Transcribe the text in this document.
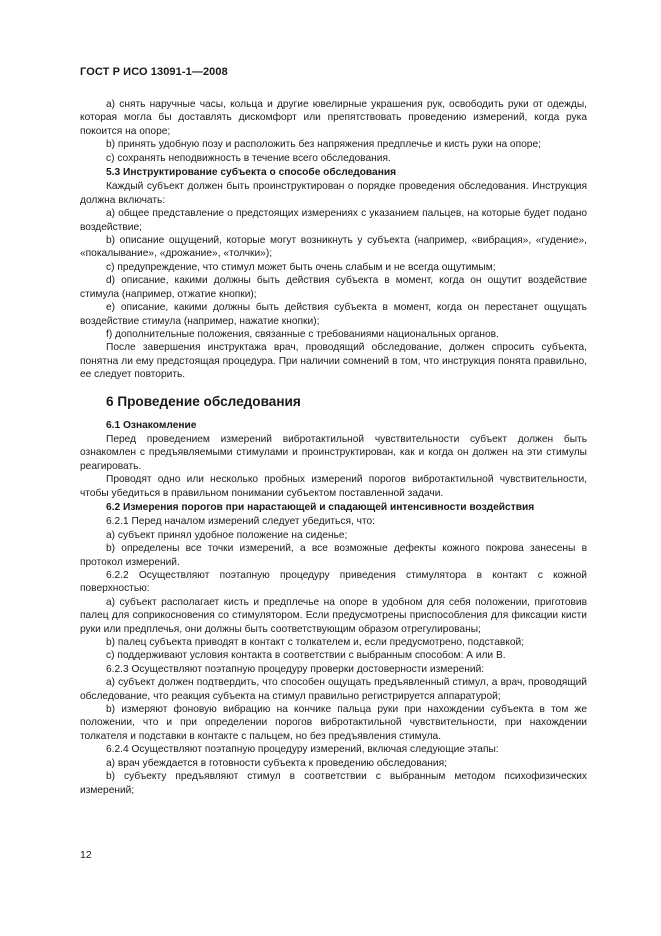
ГОСТ Р ИСО 13091-1—2008

а) снять наручные часы, кольца и другие ювелирные украшения рук, освободить руки от одежды, которая могла бы доставлять дискомфорт или препятствовать проведению измерений, когда рука покоится на опоре;

b) принять удобную позу и расположить без напряжения предплечье и кисть руки на опоре;

с) сохранять неподвижность в течение всего обследования.

5.3 Инструктирование субъекта о способе обследования

Каждый субъект должен быть проинструктирован о порядке проведения обследования. Инструкция должна включать:

а) общее представление о предстоящих измерениях с указанием пальцев, на которые будет подано воздействие;

b) описание ощущений, которые могут возникнуть у субъекта (например, «вибрация», «гудение», «покалывание», «дрожание», «толчки»);

с) предупреждение, что стимул может быть очень слабым и не всегда ощутимым;

d) описание, какими должны быть действия субъекта в момент, когда он ощутит воздействие стимула (например, отжатие кнопки);

е) описание, какими должны быть действия субъекта в момент, когда он перестанет ощущать воздействие стимула (например, нажатие кнопки);

f) дополнительные положения, связанные с требованиями национальных органов.

После завершения инструктажа врач, проводящий обследование, должен спросить субъекта, понятна ли ему предстоящая процедура. При наличии сомнений в том, что инструкция понята правильно, ее следует повторить.

6 Проведение обследования

6.1 Ознакомление

Перед проведением измерений вибротактильной чувствительности субъект должен быть ознакомлен с предъявляемыми стимулами и проинструктирован, как и когда он должен на эти стимулы реагировать.

Проводят одно или несколько пробных измерений порогов вибротактильной чувствительности, чтобы убедиться в правильном понимании субъектом поставленной задачи.

6.2 Измерения порогов при нарастающей и спадающей интенсивности воздействия

6.2.1 Перед началом измерений следует убедиться, что:

а) субъект принял удобное положение на сиденье;

b) определены все точки измерений, а все возможные дефекты кожного покрова занесены в протокол измерений.

6.2.2 Осуществляют поэтапную процедуру приведения стимулятора в контакт с кожной поверхностью:

а) субъект располагает кисть и предплечье на опоре в удобном для себя положении, приготовив палец для соприкосновения со стимулятором. Если предусмотрены приспособления для фиксации кисти руки или предплечья, они должны быть соответствующим образом отрегулированы;

b) палец субъекта приводят в контакт с толкателем и, если предусмотрено, подставкой;

с) поддерживают условия контакта в соответствии с выбранным способом: А или В.

6.2.3 Осуществляют поэтапную процедуру проверки достоверности измерений:

а) субъект должен подтвердить, что способен ощущать предъявленный стимул, а врач, проводящий обследование, что реакция субъекта на стимул правильно регистрируется аппаратурой;

b) измеряют фоновую вибрацию на кончике пальца руки при нахождении субъекта в том же положении, что и при определении порогов вибротактильной чувствительности, при нахождении толкателя и подставки в контакте с пальцем, но без предъявления стимула.

6.2.4 Осуществляют поэтапную процедуру измерений, включая следующие этапы:

а) врач убеждается в готовности субъекта к проведению обследования;

b) субъекту предъявляют стимул в соответствии с выбранным методом психофизических измерений;

12
